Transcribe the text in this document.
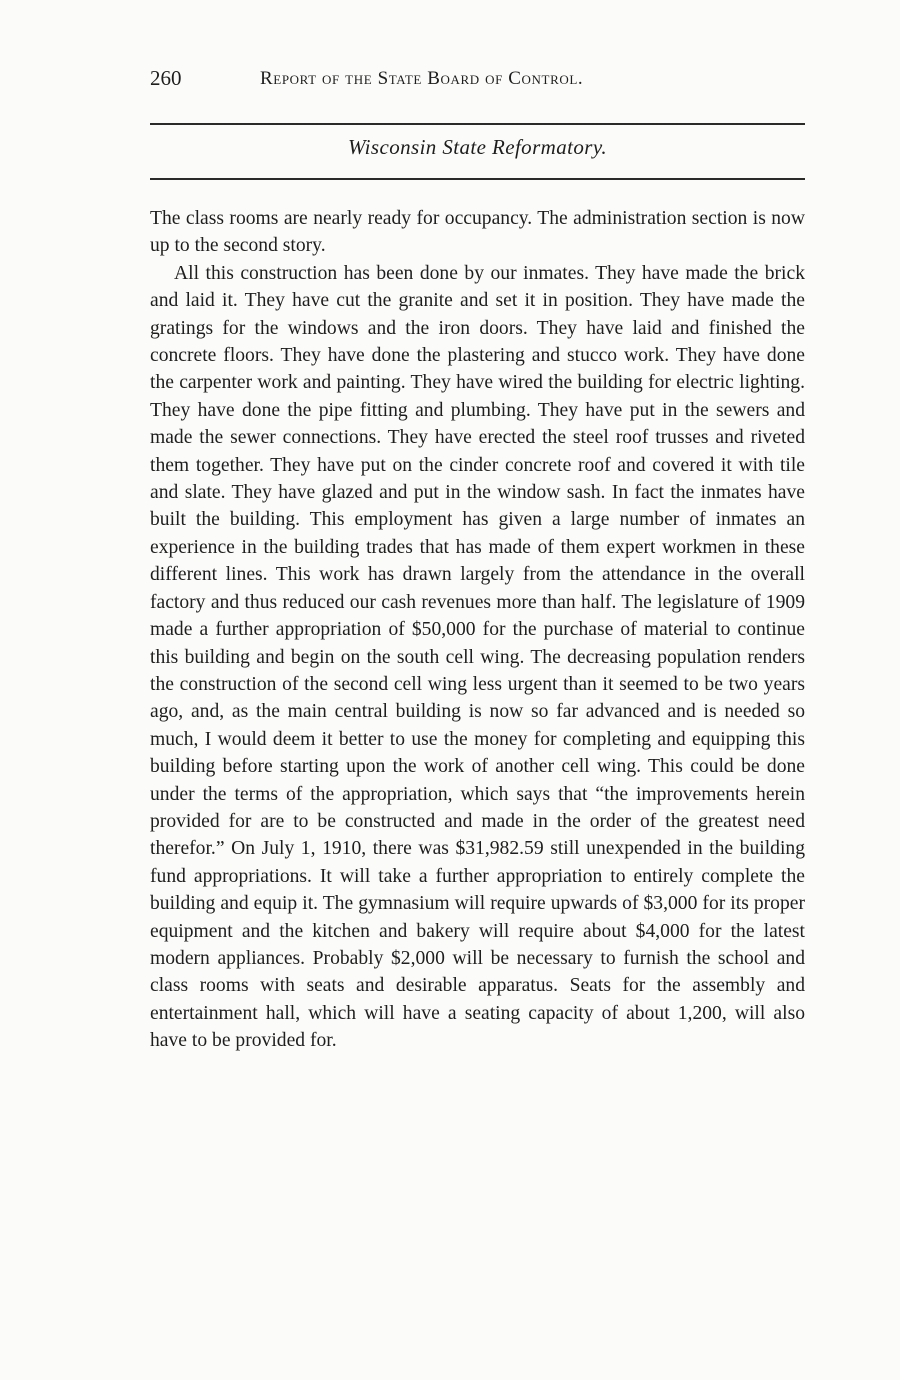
260	Report of the State Board of Control.
Wisconsin State Reformatory.

The class rooms are nearly ready for occupancy. The administration section is now up to the second story.

All this construction has been done by our inmates. They have made the brick and laid it. They have cut the granite and set it in position. They have made the gratings for the windows and the iron doors. They have laid and finished the concrete floors. They have done the plastering and stucco work. They have done the carpenter work and painting. They have wired the building for electric lighting. They have done the pipe fitting and plumbing. They have put in the sewers and made the sewer connections. They have erected the steel roof trusses and riveted them together. They have put on the cinder concrete roof and covered it with tile and slate. They have glazed and put in the window sash. In fact the inmates have built the building. This employment has given a large number of inmates an experience in the building trades that has made of them expert workmen in these different lines. This work has drawn largely from the attendance in the overall factory and thus reduced our cash revenues more than half. The legislature of 1909 made a further appropriation of $50,000 for the purchase of material to continue this building and begin on the south cell wing. The decreasing population renders the construction of the second cell wing less urgent than it seemed to be two years ago, and, as the main central building is now so far advanced and is needed so much, I would deem it better to use the money for completing and equipping this building before starting upon the work of another cell wing. This could be done under the terms of the appropriation, which says that “the improvements herein provided for are to be constructed and made in the order of the greatest need therefor.” On July 1, 1910, there was $31,982.59 still unexpended in the building fund appropriations. It will take a further appropriation to entirely complete the building and equip it. The gymnasium will require upwards of $3,000 for its proper equipment and the kitchen and bakery will require about $4,000 for the latest modern appliances. Probably $2,000 will be necessary to furnish the school and class rooms with seats and desirable apparatus. Seats for the assembly and entertainment hall, which will have a seating capacity of about 1,200, will also have to be provided for.
